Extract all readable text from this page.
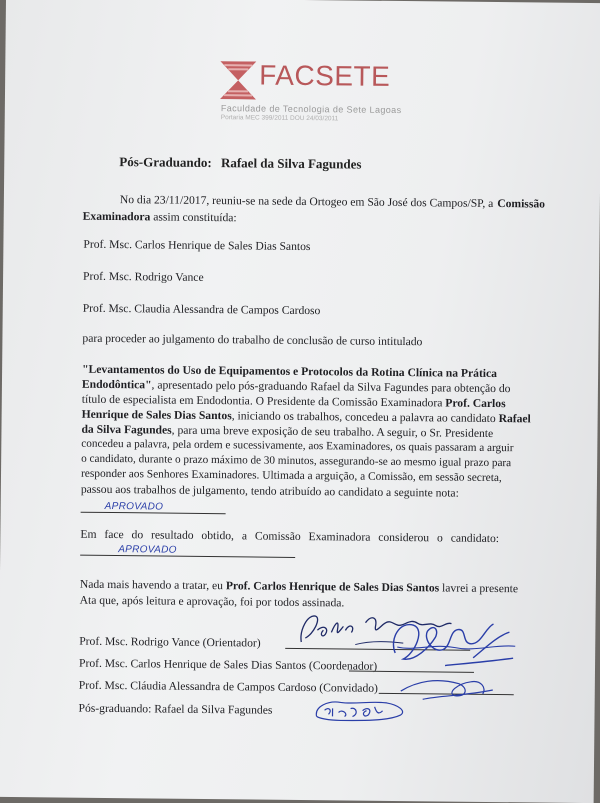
FACSETE
Faculdade de Tecnologia de Sete Lagoas
Portaria MEC 399/2011 DOU 24/03/2011
Pós-Graduando: Rafael da Silva Fagundes
No dia 23/11/2017, reuniu-se na sede da Ortogeo em São José dos Campos/SP, a Comissão
Examinadora assim constituída:
Prof. Msc. Carlos Henrique de Sales Dias Santos
Prof. Msc. Rodrigo Vance
Prof. Msc. Claudia Alessandra de Campos Cardoso
para proceder ao julgamento do trabalho de conclusão de curso intitulado
"Levantamentos do Uso de Equipamentos e Protocolos da Rotina Clínica na Prática
Endodôntica", apresentado pelo pós-graduando Rafael da Silva Fagundes para obtenção do
título de especialista em Endodontia. O Presidente da Comissão Examinadora Prof. Carlos
Henrique de Sales Dias Santos, iniciando os trabalhos, concedeu a palavra ao candidato Rafael
da Silva Fagundes, para uma breve exposição de seu trabalho. A seguir, o Sr. Presidente
concedeu a palavra, pela ordem e sucessivamente, aos Examinadores, os quais passaram a arguir
o candidato, durante o prazo máximo de 30 minutos, assegurando-se ao mesmo igual prazo para
responder aos Senhores Examinadores. Ultimada a arguição, a Comissão, em sessão secreta,
passou aos trabalhos de julgamento, tendo atribuído ao candidato a seguinte nota:
APROVADO
Em face do resultado obtido, a Comissão Examinadora considerou o candidato:
APROVADO
Nada mais havendo a tratar, eu Prof. Carlos Henrique de Sales Dias Santos lavrei a presente
Ata que, após leitura e aprovação, foi por todos assinada.
Prof. Msc. Rodrigo Vance (Orientador)
Prof. Msc. Carlos Henrique de Sales Dias Santos (Coordenador)
Prof. Msc. Cláudia Alessandra de Campos Cardoso (Convidado)
Pós-graduando: Rafael da Silva Fagundes
